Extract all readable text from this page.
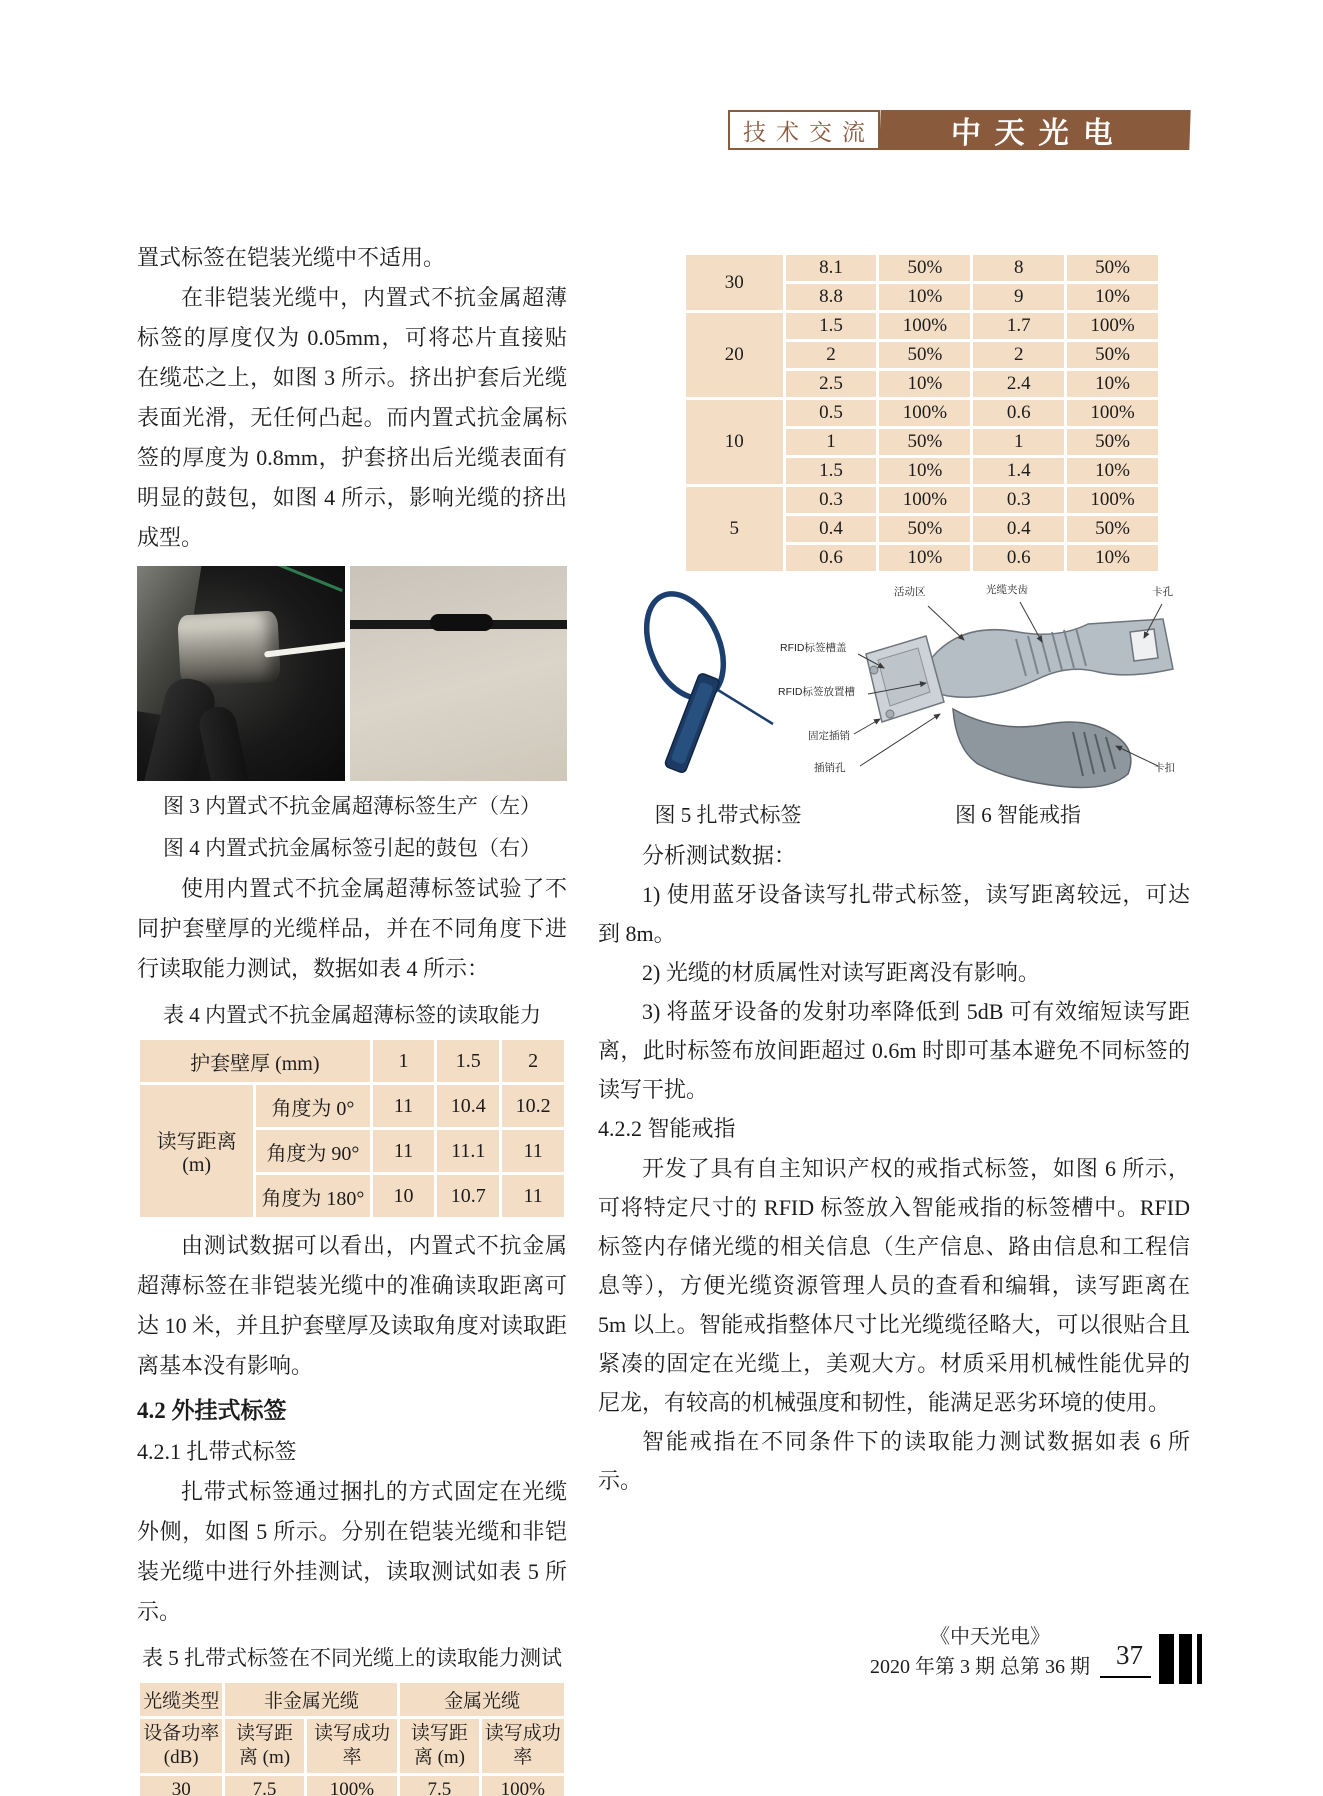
技术交流	中天光电

置式标签在铠装光缆中不适用。

在非铠装光缆中，内置式不抗金属超薄标签的厚度仅为 0.05mm，可将芯片直接贴在缆芯之上，如图 3 所示。挤出护套后光缆表面光滑，无任何凸起。而内置式抗金属标签的厚度为 0.8mm，护套挤出后光缆表面有明显的鼓包，如图 4 所示，影响光缆的挤出成型。

图 3 内置式不抗金属超薄标签生产（左）

图 4 内置式抗金属标签引起的鼓包（右）

使用内置式不抗金属超薄标签试验了不同护套壁厚的光缆样品，并在不同角度下进行读取能力测试，数据如表 4 所示：

表 4 内置式不抗金属超薄标签的读取能力

护套壁厚 (mm)		1	1.5	2
读写距离 (m)	角度为 0°	11	10.4	10.2
	角度为 90°	11	11.1	11
	角度为 180°	10	10.7	11

由测试数据可以看出，内置式不抗金属超薄标签在非铠装光缆中的准确读取距离可达 10 米，并且护套壁厚及读取角度对读取距离基本没有影响。

4.2 外挂式标签

4.2.1 扎带式标签

扎带式标签通过捆扎的方式固定在光缆外侧，如图 5 所示。分别在铠装光缆和非铠装光缆中进行外挂测试，读取测试如表 5 所示。

表 5 扎带式标签在不同光缆上的读取能力测试

光缆类型	非金属光缆		金属光缆	
设备功率 (dB)	读写距离 (m)	读写成功率	读写距离 (m)	读写成功率
30	7.5	100%	7.5	100%
30	8.1	50%	8	50%
	8.8	10%	9	10%
20	1.5	100%	1.7	100%
	2	50%	2	50%
	2.5	10%	2.4	10%
10	0.5	100%	0.6	100%
	1	50%	1	50%
	1.5	10%	1.4	10%
5	0.3	100%	0.3	100%
	0.4	50%	0.4	50%
	0.6	10%	0.6	10%
活动区	光缆夹齿	卡孔
RFID标签槽盖
RFID标签放置槽
固定插销
插销孔	卡扣
图 5 扎带式标签	图 6 智能戒指

分析测试数据：

1) 使用蓝牙设备读写扎带式标签，读写距离较远，可达到 8m。

2) 光缆的材质属性对读写距离没有影响。

3) 将蓝牙设备的发射功率降低到 5dB 可有效缩短读写距离，此时标签布放间距超过 0.6m 时即可基本避免不同标签的读写干扰。

4.2.2 智能戒指

开发了具有自主知识产权的戒指式标签，如图 6 所示，可将特定尺寸的 RFID 标签放入智能戒指的标签槽中。RFID 标签内存储光缆的相关信息（生产信息、路由信息和工程信息等），方便光缆资源管理人员的查看和编辑，读写距离在 5m 以上。智能戒指整体尺寸比光缆缆径略大，可以很贴合且紧凑的固定在光缆上，美观大方。材质采用机械性能优异的尼龙，有较高的机械强度和韧性，能满足恶劣环境的使用。

智能戒指在不同条件下的读取能力测试数据如表 6 所示。

《中天光电》
2020 年第 3 期 总第 36 期 37
